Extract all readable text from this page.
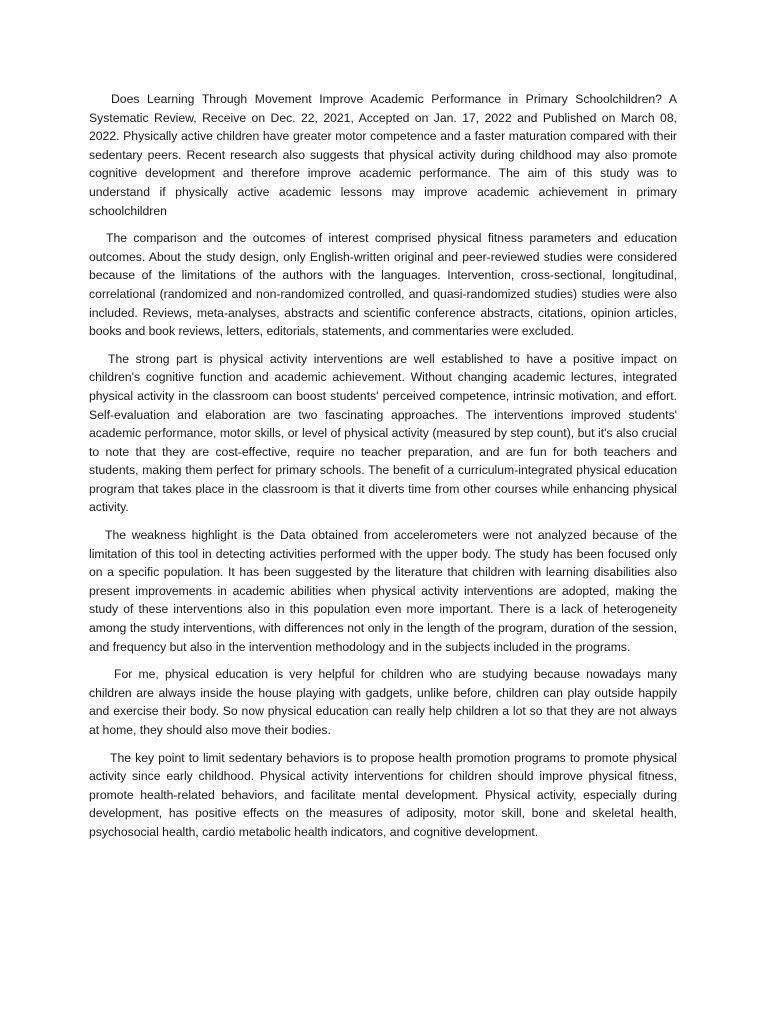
Does Learning Through Movement Improve Academic Performance in Primary Schoolchildren? A Systematic Review, Receive on Dec. 22, 2021, Accepted on Jan. 17, 2022 and Published on March 08, 2022. Physically active children have greater motor competence and a faster maturation compared with their sedentary peers. Recent research also suggests that physical activity during childhood may also promote cognitive development and therefore improve academic performance. The aim of this study was to understand if physically active academic lessons may improve academic achievement in primary schoolchildren

The comparison and the outcomes of interest comprised physical fitness parameters and education outcomes. About the study design, only English-written original and peer-reviewed studies were considered because of the limitations of the authors with the languages. Intervention, cross-sectional, longitudinal, correlational (randomized and non-randomized controlled, and quasi-randomized studies) studies were also included. Reviews, meta-analyses, abstracts and scientific conference abstracts, citations, opinion articles, books and book reviews, letters, editorials, statements, and commentaries were excluded.

The strong part is physical activity interventions are well established to have a positive impact on children's cognitive function and academic achievement. Without changing academic lectures, integrated physical activity in the classroom can boost students' perceived competence, intrinsic motivation, and effort. Self-evaluation and elaboration are two fascinating approaches. The interventions improved students' academic performance, motor skills, or level of physical activity (measured by step count), but it's also crucial to note that they are cost-effective, require no teacher preparation, and are fun for both teachers and students, making them perfect for primary schools. The benefit of a curriculum-integrated physical education program that takes place in the classroom is that it diverts time from other courses while enhancing physical activity.

The weakness highlight is the Data obtained from accelerometers were not analyzed because of the limitation of this tool in detecting activities performed with the upper body. The study has been focused only on a specific population. It has been suggested by the literature that children with learning disabilities also present improvements in academic abilities when physical activity interventions are adopted, making the study of these interventions also in this population even more important. There is a lack of heterogeneity among the study interventions, with differences not only in the length of the program, duration of the session, and frequency but also in the intervention methodology and in the subjects included in the programs.

For me, physical education is very helpful for children who are studying because nowadays many children are always inside the house playing with gadgets, unlike before, children can play outside happily and exercise their body. So now physical education can really help children a lot so that they are not always at home, they should also move their bodies.

The key point to limit sedentary behaviors is to propose health promotion programs to promote physical activity since early childhood. Physical activity interventions for children should improve physical fitness, promote health-related behaviors, and facilitate mental development. Physical activity, especially during development, has positive effects on the measures of adiposity, motor skill, bone and skeletal health, psychosocial health, cardio metabolic health indicators, and cognitive development.
